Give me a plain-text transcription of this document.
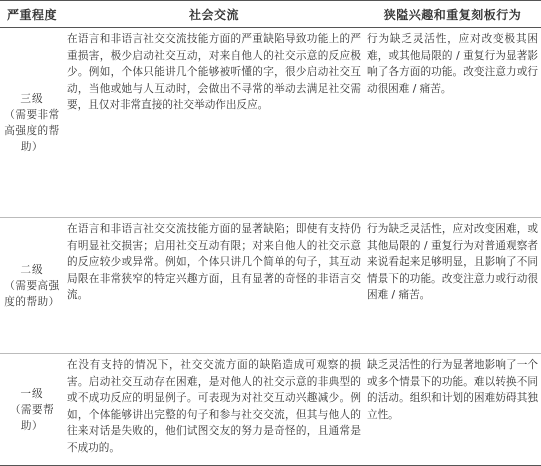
严重程度	社会交流	狭隘兴趣和重复刻板行为

三级
（需要非常高强度的帮助）	在语言和非语言社交交流技能方面的严重缺陷导致功能上的严重损害，极少启动社交互动，对来自他人的社交示意的反应极少。例如，个体只能讲几个能够被听懂的字，很少启动社交互动，当他或她与人互动时，会做出不寻常的举动去满足社交需要，且仅对非常直接的社交举动作出反应。	行为缺乏灵活性，应对改变极其困难，或其他局限的 / 重复行为显著影响了各方面的功能。改变注意力或行动很困难 / 痛苦。

二级
（需要高强度的帮助）	在语言和非语言社交交流技能方面的显著缺陷；即使有支持仍有明显社交损害；启用社交互动有限；对来自他人的社交示意的反应较少或异常。例如，个体只讲几个简单的句子，其互动局限在非常狭窄的特定兴趣方面，且有显著的奇怪的非语言交流。	行为缺乏灵活性，应对改变困难，或其他局限的 / 重复行为对普通观察者来说看起来足够明显，且影响了不同情景下的功能。改变注意力或行动很困难 / 痛苦。

一级
（需要帮助）	在没有支持的情况下，社交交流方面的缺陷造成可观察的损害。启动社交互动存在困难，是对他人的社交示意的非典型的或不成功反应的明显例子。可表现为对社交互动兴趣减少。例如，个体能够讲出完整的句子和参与社交交流，但其与他人的往来对话是失败的，他们试图交友的努力是奇怪的，且通常是不成功的。	缺乏灵活性的行为显著地影响了一个或多个情景下的功能。难以转换不同的活动。组织和计划的困难妨碍其独立性。
